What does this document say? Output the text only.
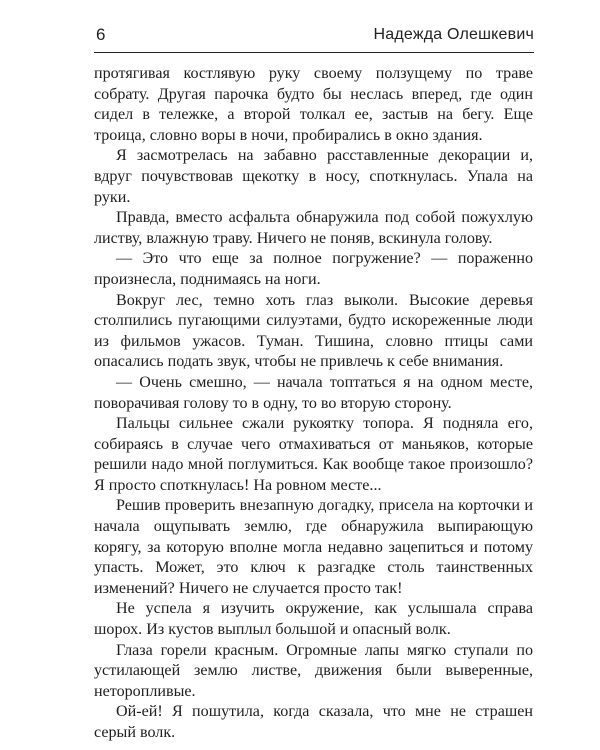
6	Надежда Олешкевич

протягивая костлявую руку своему ползущему по траве собрату. Другая парочка будто бы неслась вперед, где один сидел в тележке, а второй толкал ее, застыв на бегу. Еще троица, словно воры в ночи, пробирались в окно здания.

Я засмотрелась на забавно расставленные декорации и, вдруг почувствовав щекотку в носу, споткнулась. Упала на руки.

Правда, вместо асфальта обнаружила под собой пожухлую листву, влажную траву. Ничего не поняв, вскинула голову.

— Это что еще за полное погружение? — пораженно произнесла, поднимаясь на ноги.

Вокруг лес, темно хоть глаз выколи. Высокие деревья столпились пугающими силуэтами, будто искореженные люди из фильмов ужасов. Туман. Тишина, словно птицы сами опасались подать звук, чтобы не привлечь к себе внимания.

— Очень смешно, — начала топтаться я на одном месте, поворачивая голову то в одну, то во вторую сторону.

Пальцы сильнее сжали рукоятку топора. Я подняла его, собираясь в случае чего отмахиваться от маньяков, которые решили надо мной поглумиться. Как вообще такое произошло? Я просто споткнулась! На ровном месте...

Решив проверить внезапную догадку, присела на корточки и начала ощупывать землю, где обнаружила выпирающую корягу, за которую вполне могла недавно зацепиться и потому упасть. Может, это ключ к разгадке столь таинственных изменений? Ничего не случается просто так!

Не успела я изучить окружение, как услышала справа шорох. Из кустов выплыл большой и опасный волк.

Глаза горели красным. Огромные лапы мягко ступали по устилающей землю листве, движения были выверенные, неторопливые.

Ой-ей! Я пошутила, когда сказала, что мне не страшен серый волк.
